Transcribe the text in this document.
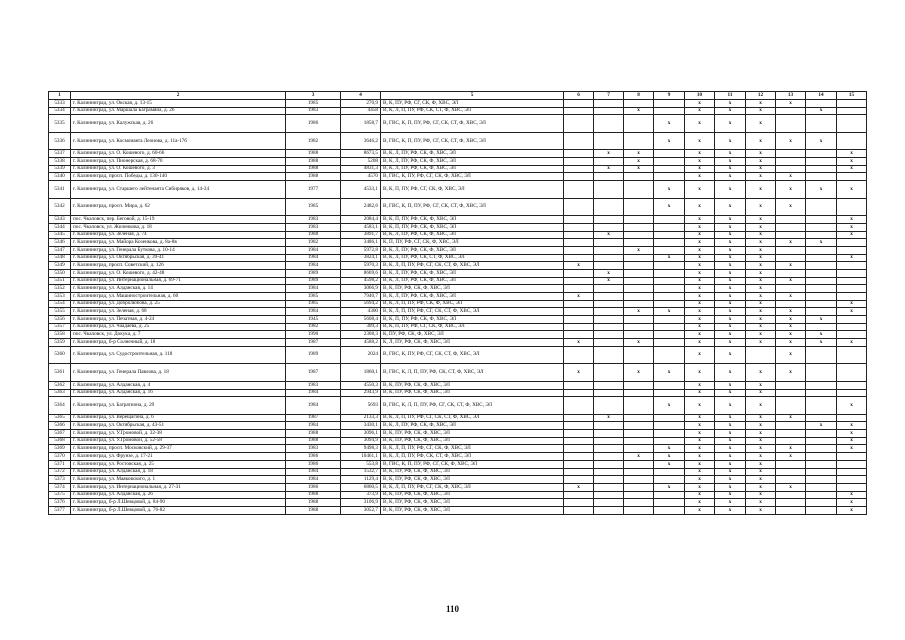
1	2	3	4	5	6	7	8	9	10	11	12	13	14	15
5333	г. Калининград, ул. Окская, д. 13-15	1985	270,9	В, К, ПУ, РФ, СГ, СК, Ф, ХВС, ЭЛ					х	х	х	х		
5334	г. Калининград, ул. Маршала Баграмяна, д. 26	1983	4458	В, К, Л, П, ПУ, РФ, СК, СТ, Ф, ХВС, ЭЛ			х		х	х	х		х	
5335	г. Калининград, ул. Калужская, д. 26	1986	1858,7	В, ГВС, К, П, ПУ, РФ, СГ, СК, СТ, Ф, ХВС, ЭЛ				х	х	х	х			
5336	г. Калининград, ул. Космонавта Леонова, д. 11а-17б	1982	3646,2	В, ГВС, К, П, ПУ, РФ, СГ, СК, СТ, Ф, ХВС, ЭЛ				х	х	х	х	х	х	
5337	г. Калининград, ул. О. Кошевого, д. 60-66	1988	8673,5	В, К, Л, ПУ, РФ, СК, Ф, ХВС, ЭЛ		х	х		х	х	х			х
5338	г. Калининград, ул. Пионерская, д. 68-70	1988	5208	В, К, Л, ПУ, РФ, СК, Ф, ХВС, ЭЛ			х		х	х	х			х
5339	г. Калининград, ул. О. Кошевого, д. 3	1988	4831,3	В, К, Л, ПУ, РФ, СК, Ф, ХВС, ЭЛ		х	х		х	х	х			х
5340	г. Калининград, просп. Победы, д. 130-140	1988	4570	В, ГВС, К, ПУ, РФ, СГ, СК, Ф, ХВС, ЭЛ					х	х	х	х		
5341	г. Калининград, ул. Старшего лейтенанта Сибиряков, д. 14-24	1977	4533,1	В, К, П, ПУ, РФ, СГ, СК, Ф, ХВС, ЭЛ				х	х	х	х	х	х	х
5342	г. Калининград, просп. Мира, д. 62	1985	2482,6	В, ГВС, К, П, ПУ, РФ, СГ, СК, СТ, Ф, ХВС, ЭЛ				х	х	х	х	х		
5343	пос. Чкаловск, пер. Беговой, д. 15-19	1983	2084,4	В, К, П, ПУ, РФ, СК, Ф, ХВС, ЭЛ					х	х	х			х
5344	пос. Чкаловск, ул. Жиленкова, д. 18	1983	4583,1	В, К, П, ПУ, РФ, СК, Ф, ХВС, ЭЛ					х	х	х			х
5345	г. Калининград, ул. Зеленая, д. 74	1988	3891,7	В, К, Л, ПУ, РФ, СК, Ф, ХВС, ЭЛ		х			х	х	х			х
5346	г. Калининград, ул. Майора Козенкова, д. 8а-8в	1982	3486,1	К, П, ПУ, РФ, СГ, СК, Ф, ХВС, ЭЛ					х	х	х	х	х	
5347	г. Калининград, ул. Генерала Буткова, д. 10-14	1984	5972,8	В, К, Л, ПУ, РФ, СК, Ф, ХВС, ЭЛ			х		х	х	х			
5348	г. Калининград, ул. Октябрьская, д. 39-41	1984	3824,1	В, К, Л, ПУ, РФ, СК, СТ, Ф, ХВС, ЭЛ				х	х	х	х			х
5349	г. Калининград, просп. Советский, д. 126	1984	5970,3	В, К, Л, П, ПУ, РФ, СГ, СК, СТ, Ф, ХВС, ЭЛ	х				х	х	х	х		
5350	г. Калининград, ул. О. Кошевого, д. 42-48	1989	8669,6	В, К, Л, ПУ, РФ, СК, Ф, ХВС, ЭЛ		х			х	х	х			
5351	г. Калининград, ул. Интернациональная, д. 69-71	1989	4598,2	В, К, Л, ПУ, РФ, СК, Ф, ХВС, ЭЛ		х			х	х	х	х		
5352	г. Калининград, ул. Алданская, д. 14	1984	3066,9	В, К, ПУ, РФ, СК, Ф, ХВС, ЭЛ					х	х	х			
5353	г. Калининград, ул. Машиностроительная, д. 60	1985	7940,7	В, К, Л, ПУ, РФ, СК, Ф, ХВС, ЭЛ	х				х	х	х	х		
5354	г. Калининград, ул. Добролюбова, д. 25	1985	5694,2	В, К, Л, П, ПУ, РФ, СК, Ф, ХВС, ЭЛ					х	х	х			х
5355	г. Калининград, ул. Зеленая, д. 68	1984	4300	В, К, Л, П, ПУ, РФ, СГ, СК, СТ, Ф, ХВС, ЭЛ			х	х	х	х	х	х		х
5356	г. Калининград, ул. Печатная, д. 4-24	1945	5608,4	В, К, П, ПУ, РФ, СК, Ф, ХВС, ЭЛ					х	х	х	х	х	
5357	г. Калининград, ул. Чаадаева, д. 25	1982	309,3	В, К, П, ПУ, РФ, СГ, СК, Ф, ХВС, ЭЛ					х	х	х	х		
5358	пос. Чкаловск, ул. Докука, д. 7	1990	2308,3	К, ПУ, РФ, СК, Ф, ХВС, ЭЛ					х	х	х	х	х	
5359	г. Калининград, б-р Солнечный, д. 18	1987	4588,2	К, Л, ПУ, РФ, СК, Ф, ХВС, ЭЛ	х		х		х	х	х	х	х	х
5360	г. Калининград, ул. Судостроительная, д. 118	1989	2024	В, ГВС, К, ПУ, РФ, СГ, СК, СТ, Ф, ХВС, ЭЛ					х	х		х		
5361	г. Калининград, ул. Генерала Павлова, д. 18	1987	1860,1	В, ГВС, К, Л, П, ПУ, РФ, СК, СТ, Ф, ХВС, ЭЛ	х		х	х	х	х	х	х		
5362	г. Калининград, ул. Алданская, д. 4	1983	4550,3	В, К, ПУ, РФ, СК, Ф, ХВС, ЭЛ					х	х	х			
5363	г. Калининград, ул. Алданская, д. 16	1984	2943,9	В, К, ПУ, РФ, СК, Ф, ХВС, ЭЛ					х	х	х			
5364	г. Калининград, ул. Багратиона, д. 29	1984	5693	В, ГВС, К, Л, П, ПУ, РФ, СГ, СК, СТ, Ф, ХВС, ЭЛ				х	х	х	х			х
5365	г. Калининград, ул. Верещагина, д. 6	1987	2133,3	В, К, Л, П, ПУ, РФ, СГ, СК, СТ, Ф, ХВС, ЭЛ		х			х	х	х	х		
5366	г. Калининград, ул. Октябрьская, д. 43-51	1984	3430,1	В, К, Л, ПУ, РФ, СК, Ф, ХВС, ЭЛ					х	х	х		х	х
5367	г. Калининград, ул. У.Громовой, д. 32-38	1988	3096,1	В, К, ПУ, РФ, СК, Ф, ХВС, ЭЛ					х	х	х			х
5368	г. Калининград, ул. У.Громовой, д. 52-58	1988	3094,9	В, К, ПУ, РФ, СК, Ф, ХВС, ЭЛ					х	х	х			х
5369	г. Калининград, просп. Московский, д. 29-37	1983	9498,3	В, К, Л, П, ПУ, РФ, СГ, СК, Ф, ХВС, ЭЛ				х	х	х	х	х		х
5370	г. Калининград, ул. Фрунзе, д. 17-21	1986	10461,1	В, К, Л, П, ПУ, РФ, СК, СТ, Ф, ХВС, ЭЛ			х	х	х	х	х	х		
5371	г. Калининград, ул. Ростовская, д. 25	1986	553,8	В, ГВС, К, П, ПУ, РФ, СГ, СК, Ф, ХВС, ЭЛ				х	х	х	х			
5372	г. Калининград, ул. Алданская, д. 18	1984	1532,7	В, К, ПУ, РФ, СК, Ф, ХВС, ЭЛ					х	х	х			
5373	г. Калининград, ул. Маяковского, д. 1	1984	1129,4	В, К, ПУ, РФ, СК, Ф, ХВС, ЭЛ					х	х	х			
5374	г. Калининград, ул. Интернациональная, д. 27-31	1986	6860,5	В, К, Л, П, ПУ, РФ, СГ, СК, Ф, ХВС, ЭЛ	х			х	х	х	х	х		
5375	г. Калининград, ул. Алданская, д. 26	1988	373,9	В, К, ПУ, РФ, СК, Ф, ХВС, ЭЛ					х	х	х			х
5376	г. Калининград, б-р Л.Шевцовой, д. 84-90	1988	3106,9	В, К, ПУ, РФ, СК, Ф, ХВС, ЭЛ					х	х	х			х
5377	г. Калининград, б-р Л.Шевцовой, д. 76-82	1988	3052,7	В, К, ПУ, РФ, СК, Ф, ХВС, ЭЛ					х	х	х			х
110
